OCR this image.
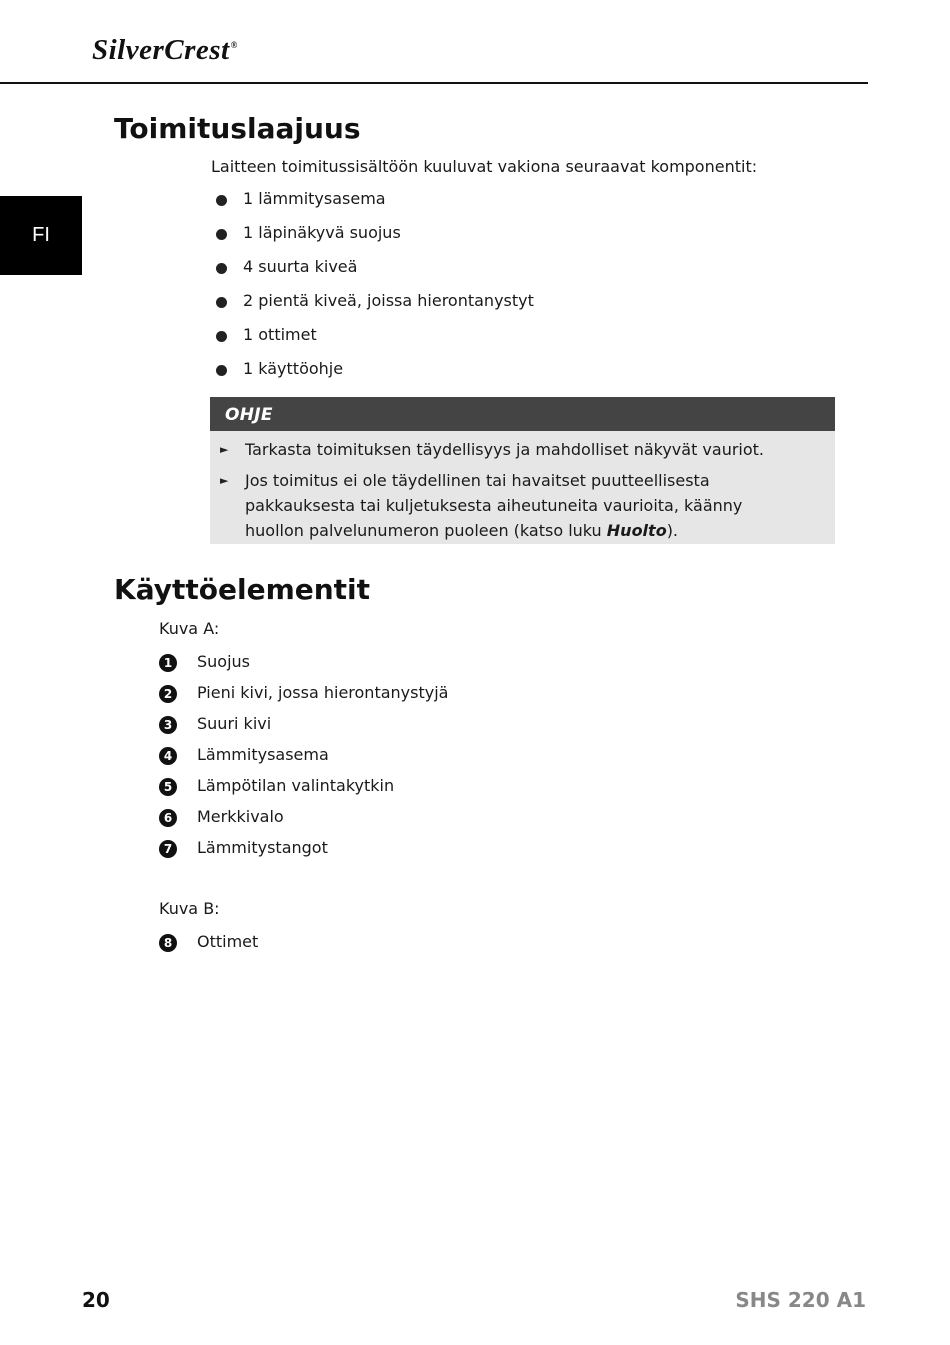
SilverCrest®
FI
Toimituslaajuus
Laitteen toimitussisältöön kuuluvat vakiona seuraavat komponentit:
1 lämmitysasema
1 läpinäkyvä suojus
4 suurta kiveä
2 pientä kiveä, joissa hierontanystyt
1 ottimet
1 käyttöohje
OHJE
►	Tarkasta toimituksen täydellisyys ja mahdolliset näkyvät vauriot.
►	Jos toimitus ei ole täydellinen tai havaitset puutteellisesta pakkauksesta tai kuljetuksesta aiheutuneita vaurioita, käänny huollon palvelunumeron puoleen (katso luku Huolto).
Käyttöelementit
Kuva A:
1	Suojus
2	Pieni kivi, jossa hierontanystyjä
3	Suuri kivi
4	Lämmitysasema
5	Lämpötilan valintakytkin
6	Merkkivalo
7	Lämmitystangot
Kuva B:
8	Ottimet
20	SHS 220 A1
